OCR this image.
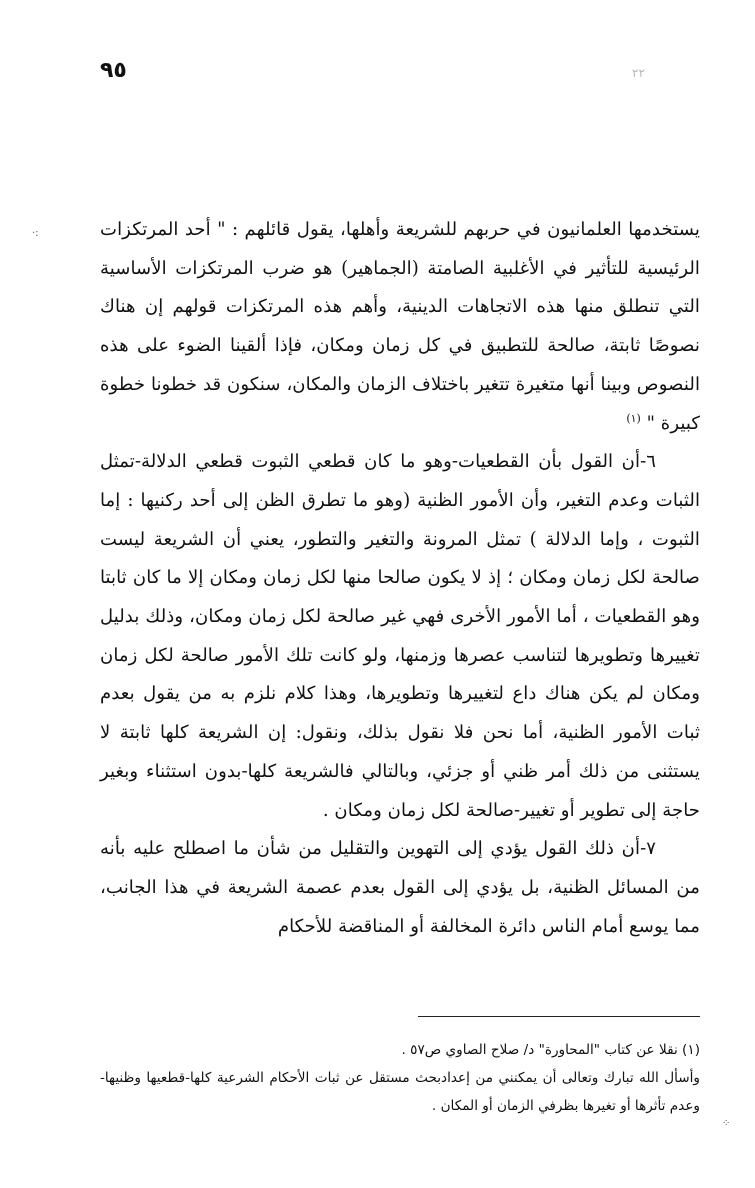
٩٥	٢٢

يستخدمها العلمانيون في حربهم للشريعة وأهلها، يقول قائلهم : " أحد المرتكزات الرئيسية للتأثير في الأغلبية الصامتة (الجماهير) هو ضرب المرتكزات الأساسية التي تنطلق منها هذه الاتجاهات الدينية، وأهم هذه المرتكزات قولهم إن هناك نصوصًا ثابتة، صالحة للتطبيق في كل زمان ومكان، فإذا ألقينا الضوء على هذه النصوص وبينا أنها متغيرة تتغير باختلاف الزمان والمكان، سنكون قد خطونا خطوة كبيرة " $^{(١)}$

٦-أن القول بأن القطعيات-وهو ما كان قطعي الثبوت قطعي الدلالة-تمثل الثبات وعدم التغير، وأن الأمور الظنية (وهو ما تطرق الظن إلى أحد ركنيها : إما الثبوت ، وإما الدلالة ) تمثل المرونة والتغير والتطور، يعني أن الشريعة ليست صالحة لكل زمان ومكان ؛ إذ لا يكون صالحا منها لكل زمان ومكان إلا ما كان ثابتا وهو القطعيات ، أما الأمور الأخرى فهي غير صالحة لكل زمان ومكان، وذلك بدليل تغييرها وتطويرها لتناسب عصرها وزمنها، ولو كانت تلك الأمور صالحة لكل زمان ومكان لم يكن هناك داع لتغييرها وتطويرها، وهذا كلام نلزم به من يقول بعدم ثبات الأمور الظنية، أما نحن فلا نقول بذلك، ونقول: إن الشريعة كلها ثابتة لا يستثنى من ذلك أمر ظني أو جزئي، وبالتالي فالشريعة كلها-بدون استثناء وبغير حاجة إلى تطوير أو تغيير-صالحة لكل زمان ومكان .

٧-أن ذلك القول يؤدي إلى التهوين والتقليل من شأن ما اصطلح عليه بأنه من المسائل الظنية، بل يؤدي إلى القول بعدم عصمة الشريعة في هذا الجانب، مما يوسع أمام الناس دائرة المخالفة أو المناقضة للأحكام

(١) نقلا عن كتاب "المحاورة" د/ صلاح الصاوي ص٥٧ .

وأسأل الله تبارك وتعالى أن يمكنني من إعدادبحث مستقل عن ثبات الأحكام الشرعية كلها-قطعيها وظنيها- وعدم تأثرها أو تغيرها بظرفي الزمان أو المكان .

·:
⁘
